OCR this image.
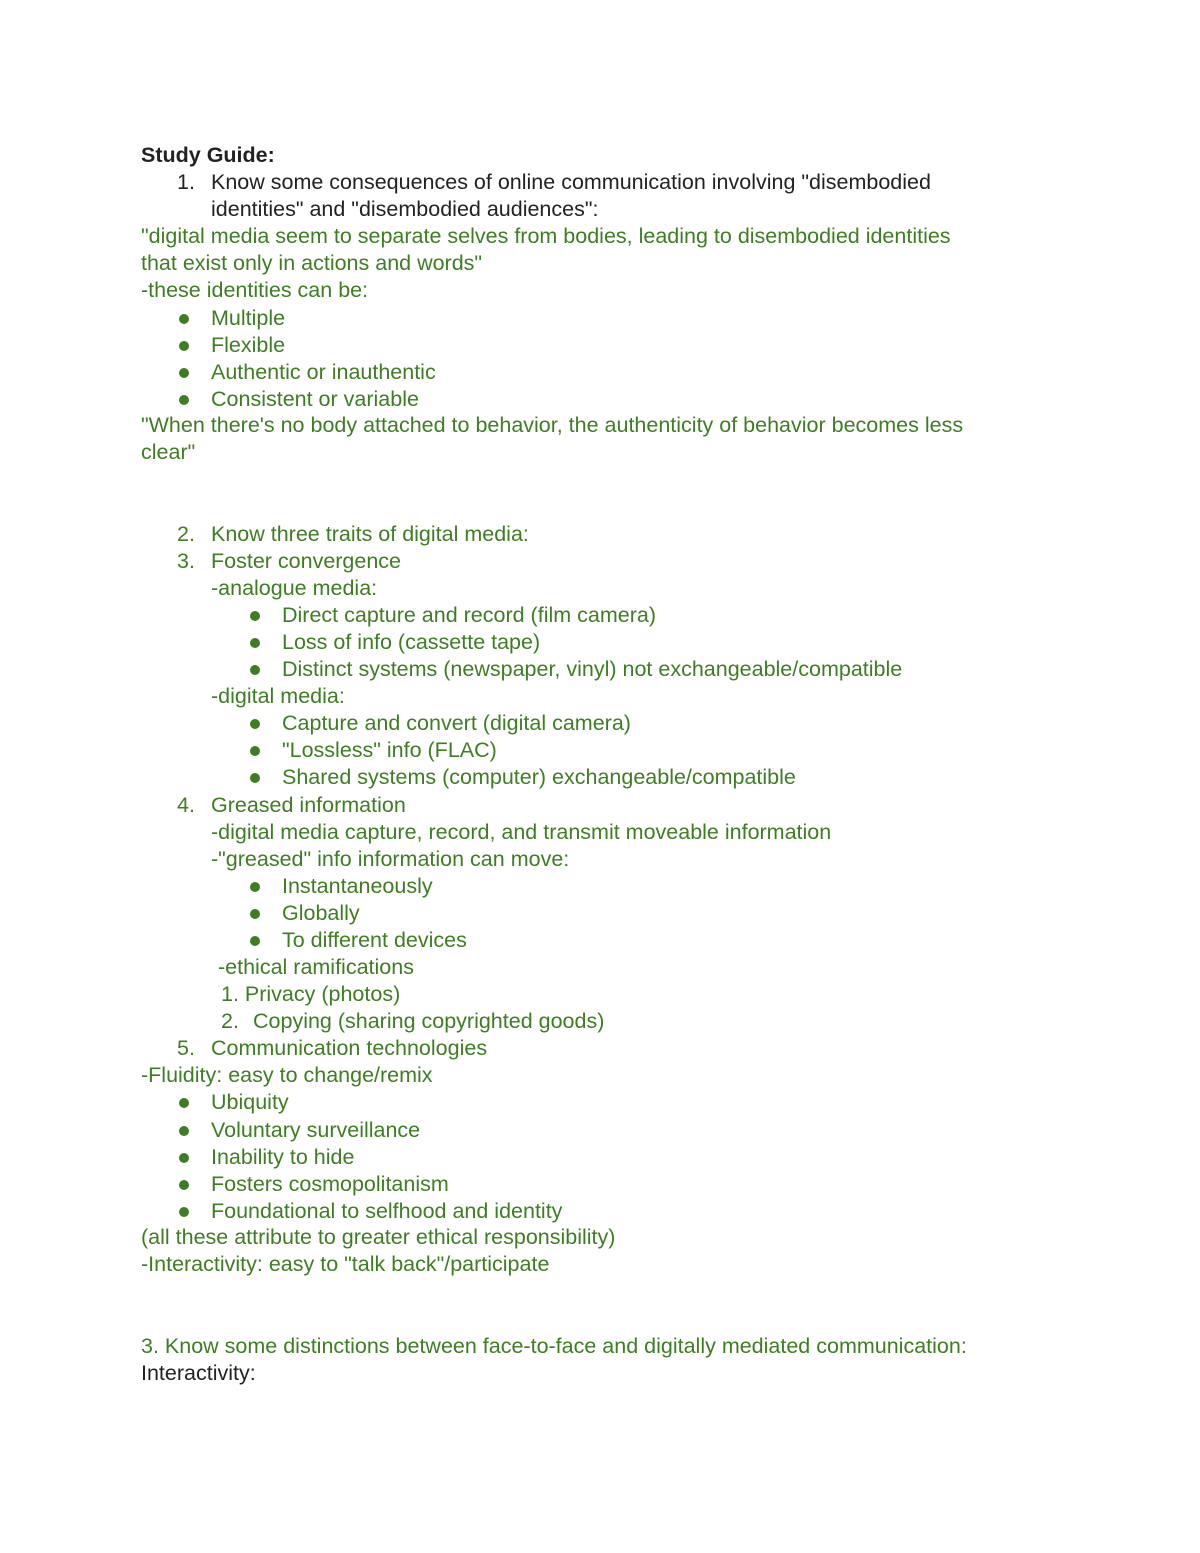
Study Guide:
1. Know some consequences of online communication involving "disembodied
identities" and "disembodied audiences":
"digital media seem to separate selves from bodies, leading to disembodied identities
that exist only in actions and words"
-these identities can be:
Multiple
Flexible
Authentic or inauthentic
Consistent or variable
"When there's no body attached to behavior, the authenticity of behavior becomes less
clear"
2. Know three traits of digital media:
3. Foster convergence
-analogue media:
Direct capture and record (film camera)
Loss of info (cassette tape)
Distinct systems (newspaper, vinyl) not exchangeable/compatible
-digital media:
Capture and convert (digital camera)
"Lossless" info (FLAC)
Shared systems (computer) exchangeable/compatible
4. Greased information
-digital media capture, record, and transmit moveable information
-"greased" info information can move:
Instantaneously
Globally
To different devices
-ethical ramifications
1. Privacy (photos)
2. Copying (sharing copyrighted goods)
5. Communication technologies
-Fluidity: easy to change/remix
Ubiquity
Voluntary surveillance
Inability to hide
Fosters cosmopolitanism
Foundational to selfhood and identity
(all these attribute to greater ethical responsibility)
-Interactivity: easy to "talk back"/participate
3. Know some distinctions between face-to-face and digitally mediated communication:
Interactivity:
